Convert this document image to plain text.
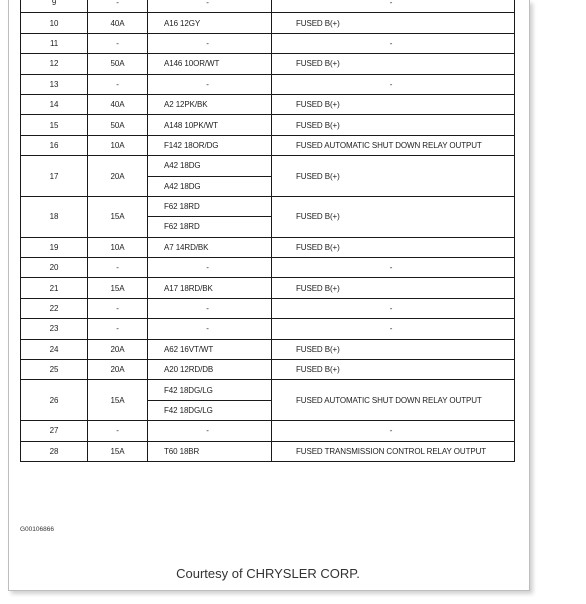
9	-	-	-
10	40A	A16 12GY	FUSED B(+)
11	-	-	-
12	50A	A146 10OR/WT	FUSED B(+)
13	-	-	-
14	40A	A2 12PK/BK	FUSED B(+)
15	50A	A148 10PK/WT	FUSED B(+)
16	10A	F142 18OR/DG	FUSED AUTOMATIC SHUT DOWN RELAY OUTPUT
17	20A	A42 18DG	FUSED B(+)
		A42 18DG	
18	15A	F62 18RD	FUSED B(+)
		F62 18RD	
19	10A	A7 14RD/BK	FUSED B(+)
20	-	-	-
21	15A	A17 18RD/BK	FUSED B(+)
22	-	-	-
23	-	-	-
24	20A	A62 16VT/WT	FUSED B(+)
25	20A	A20 12RD/DB	FUSED B(+)
26	15A	F42 18DG/LG	FUSED AUTOMATIC SHUT DOWN RELAY OUTPUT
		F42 18DG/LG	
27	-	-	-
28	15A	T60 18BR	FUSED TRANSMISSION CONTROL RELAY OUTPUT
G00106866
Courtesy of CHRYSLER CORP.
